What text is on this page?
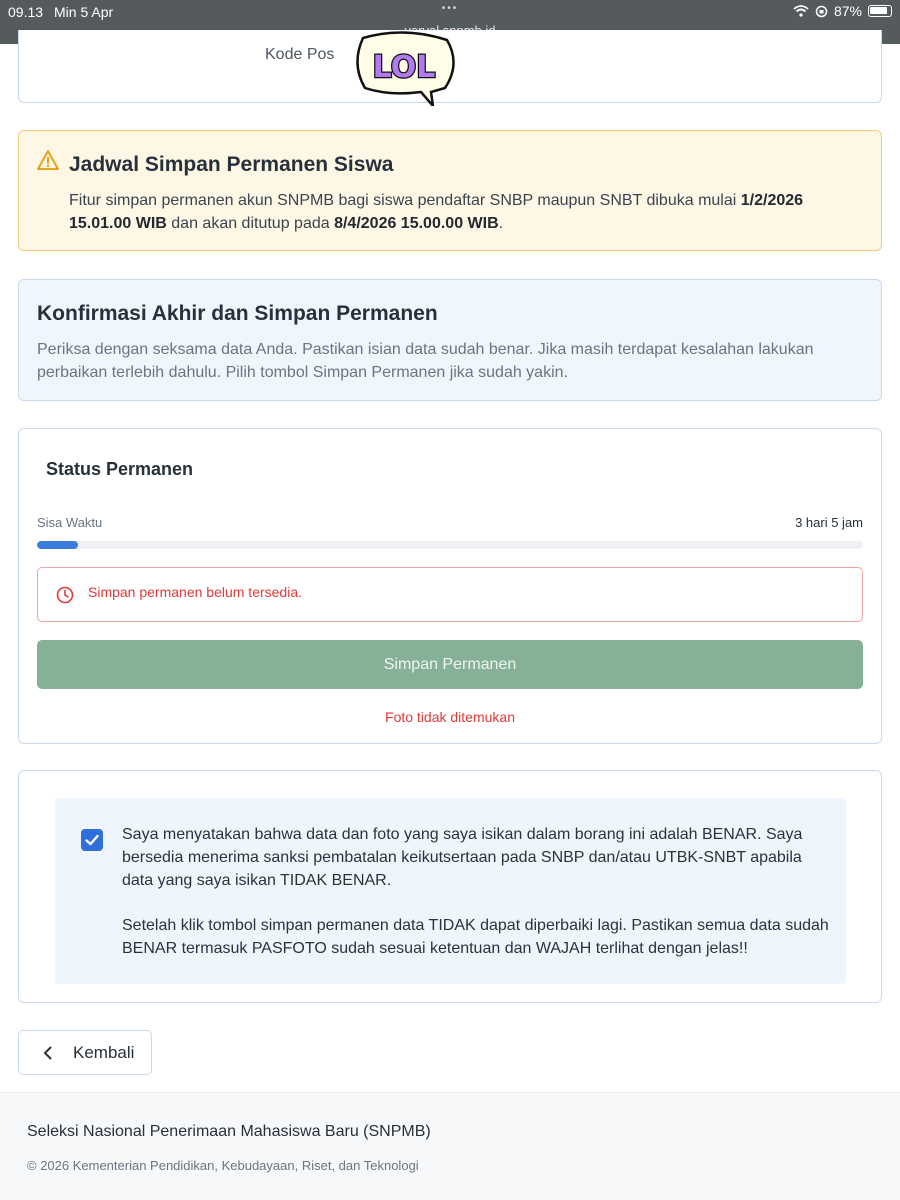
09.13 Min 5 Apr	•••	87%
Kode Pos LOL
Jadwal Simpan Permanen Siswa
Fitur simpan permanen akun SNPMB bagi siswa pendaftar SNBP maupun SNBT dibuka mulai 1/2/2026 15.01.00 WIB dan akan ditutup pada 8/4/2026 15.00.00 WIB.
Konfirmasi Akhir dan Simpan Permanen
Periksa dengan seksama data Anda. Pastikan isian data sudah benar. Jika masih terdapat kesalahan lakukan perbaikan terlebih dahulu. Pilih tombol Simpan Permanen jika sudah yakin.
Status Permanen
Sisa Waktu	3 hari 5 jam
Simpan permanen belum tersedia.
Simpan Permanen
Foto tidak ditemukan

Saya menyatakan bahwa data dan foto yang saya isikan dalam borang ini adalah BENAR. Saya bersedia menerima sanksi pembatalan keikutsertaan pada SNBP dan/atau UTBK-SNBT apabila data yang saya isikan TIDAK BENAR.

Setelah klik tombol simpan permanen data TIDAK dapat diperbaiki lagi. Pastikan semua data sudah BENAR termasuk PASFOTO sudah sesuai ketentuan dan WAJAH terlihat dengan jelas!!

Kembali
Seleksi Nasional Penerimaan Mahasiswa Baru (SNPMB)
© 2026 Kementerian Pendidikan, Kebudayaan, Riset, dan Teknologi
